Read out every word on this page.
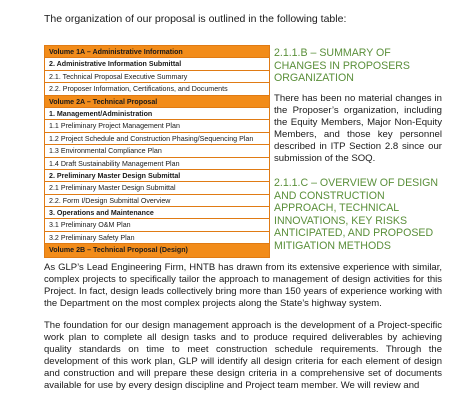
The organization of our proposal is outlined in the following table:
Volume 1A – Administrative Information
2. Administrative Information Submittal
2.1. Technical Proposal Executive Summary
2.2. Proposer Information, Certifications, and Documents
Volume 2A – Technical Proposal
1. Management/Administration
1.1 Preliminary Project Management Plan
1.2 Project Schedule and Construction Phasing/Sequencing Plan
1.3 Environmental Compliance Plan
1.4 Draft Sustainability Management Plan
2. Preliminary Master Design Submittal
2.1 Preliminary Master Design Submittal
2.2. Form I/Design Submittal Overview
3. Operations and Maintenance
3.1 Preliminary O&M Plan
3.2 Preliminary Safety Plan
Volume 2B – Technical Proposal (Design)
2.1.1.B – SUMMARY OF CHANGES IN PROPOSERS ORGANIZATION
There has been no material changes in the Proposer’s organization, including the Equity Members, Major Non-Equity Members, and those key personnel described in ITP Section 2.8 since our submission of the SOQ.
2.1.1.C – OVERVIEW OF DESIGN AND CONSTRUCTION APPROACH, TECHNICAL INNOVATIONS, KEY RISKS ANTICIPATED, AND PROPOSED MITIGATION METHODS
As GLP’s Lead Engineering Firm, HNTB has drawn from its extensive experience with similar, complex projects to specifically tailor the approach to management of design activities for this Project. In fact, design leads collectively bring more than 150 years of experience working with the Department on the most complex projects along the State’s highway system.
The foundation for our design management approach is the development of a Project-specific work plan to complete all design tasks and to produce required deliverables by achieving quality standards on time to meet construction schedule requirements. Through the development of this work plan, GLP will identify all design criteria for each element of design and construction and will prepare these design criteria in a comprehensive set of documents available for use by every design discipline and Project team member. We will review and
